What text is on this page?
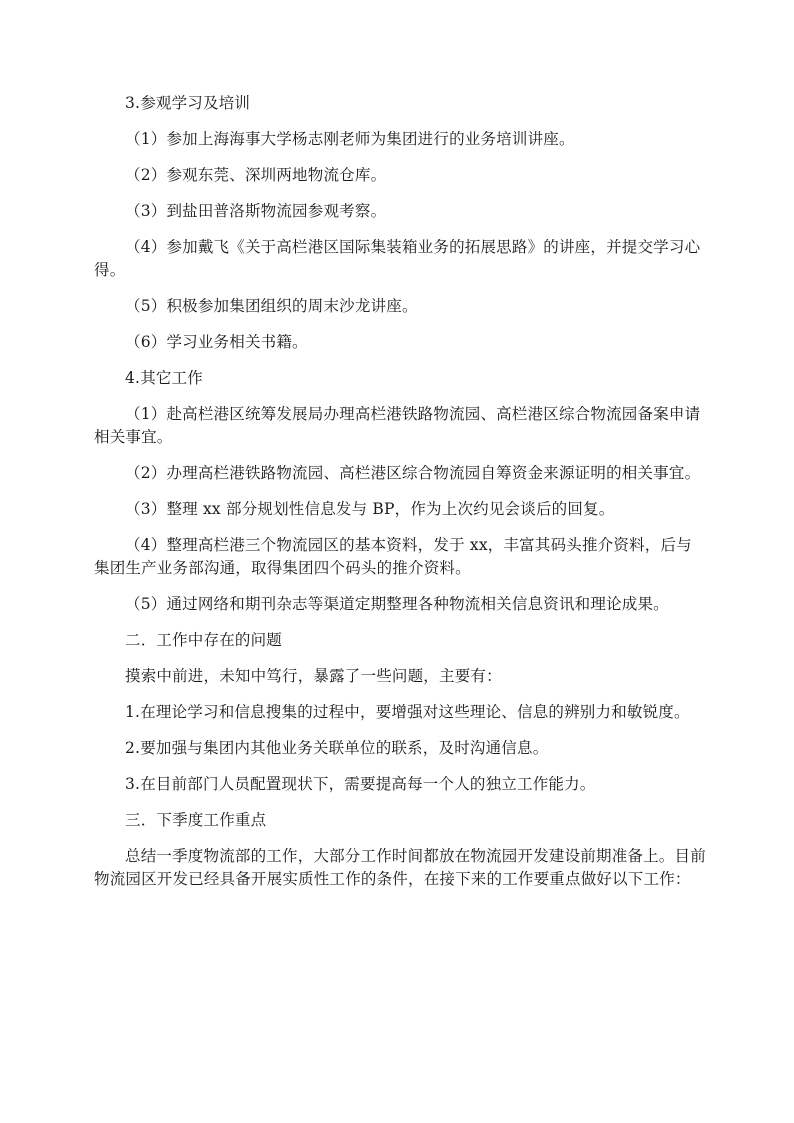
3.参观学习及培训

（1）参加上海海事大学杨志刚老师为集团进行的业务培训讲座。

（2）参观东莞、深圳两地物流仓库。

（3）到盐田普洛斯物流园参观考察。

（4）参加戴飞《关于高栏港区国际集装箱业务的拓展思路》的讲座，并提交学习心得。

（5）积极参加集团组织的周末沙龙讲座。

（6）学习业务相关书籍。

4.其它工作

（1）赴高栏港区统筹发展局办理高栏港铁路物流园、高栏港区综合物流园备案申请相关事宜。

（2）办理高栏港铁路物流园、高栏港区综合物流园自筹资金来源证明的相关事宜。

（3）整理 xx 部分规划性信息发与 BP，作为上次约见会谈后的回复。

（4）整理高栏港三个物流园区的基本资料，发于 xx，丰富其码头推介资料，后与集团生产业务部沟通，取得集团四个码头的推介资料。

（5）通过网络和期刊杂志等渠道定期整理各种物流相关信息资讯和理论成果。

二．工作中存在的问题

摸索中前进，未知中笃行，暴露了一些问题，主要有：

1.在理论学习和信息搜集的过程中，要增强对这些理论、信息的辨别力和敏锐度。

2.要加强与集团内其他业务关联单位的联系，及时沟通信息。

3.在目前部门人员配置现状下，需要提高每一个人的独立工作能力。

三．下季度工作重点

总结一季度物流部的工作，大部分工作时间都放在物流园开发建设前期准备上。目前物流园区开发已经具备开展实质性工作的条件，在接下来的工作要重点做好以下工作：
